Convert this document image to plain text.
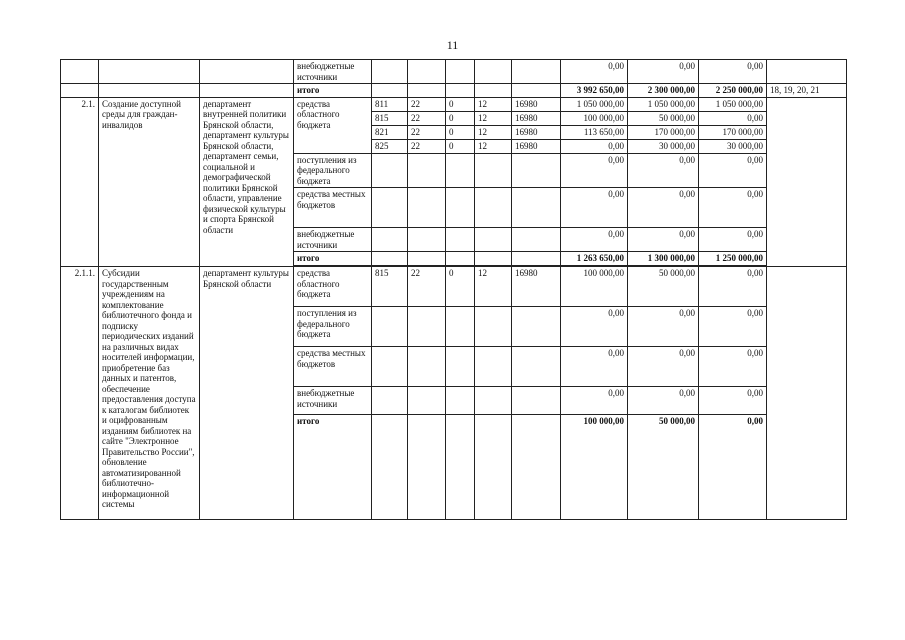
11
			внебюджетные источники						0,00	0,00	0,00	
			итого						3 992 650,00	2 300 000,00	2 250 000,00	18, 19, 20, 21
2.1.	Создание доступной среды для граждан-инвалидов	департамент внутренней политики Брянской области, департамент культуры Брянской области, департамент семьи, социальной и демографической политики Брянской области, управление физической культуры и спорта Брянской области	средства областного бюджета	811	22	0	12	16980	1 050 000,00	1 050 000,00	1 050 000,00	
				815	22	0	12	16980	100 000,00	50 000,00	0,00	
				821	22	0	12	16980	113 650,00	170 000,00	170 000,00	
				825	22	0	12	16980	0,00	30 000,00	30 000,00	
			поступления из федерального бюджета						0,00	0,00	0,00	
			средства местных бюджетов						0,00	0,00	0,00	
			внебюджетные источники						0,00	0,00	0,00	
			итого						1 263 650,00	1 300 000,00	1 250 000,00	

2.1.1.	Субсидии государственным учреждениям на комплектование библиотечного фонда и подписку периодических изданий на различных видах носителей информации, приобретение баз данных и патентов, обеспечение предоставления доступа к каталогам библиотек и оцифрованным изданиям библиотек на сайте "Электронное Правительство России", обновление автоматизированной библиотечно-информационной системы	департамент культуры Брянской области	средства областного бюджета	815	22	0	12	16980	100 000,00	50 000,00	0,00	
			поступления из федерального бюджета						0,00	0,00	0,00	
			средства местных бюджетов						0,00	0,00	0,00	
			внебюджетные источники						0,00	0,00	0,00	
			итого						100 000,00	50 000,00	0,00	
